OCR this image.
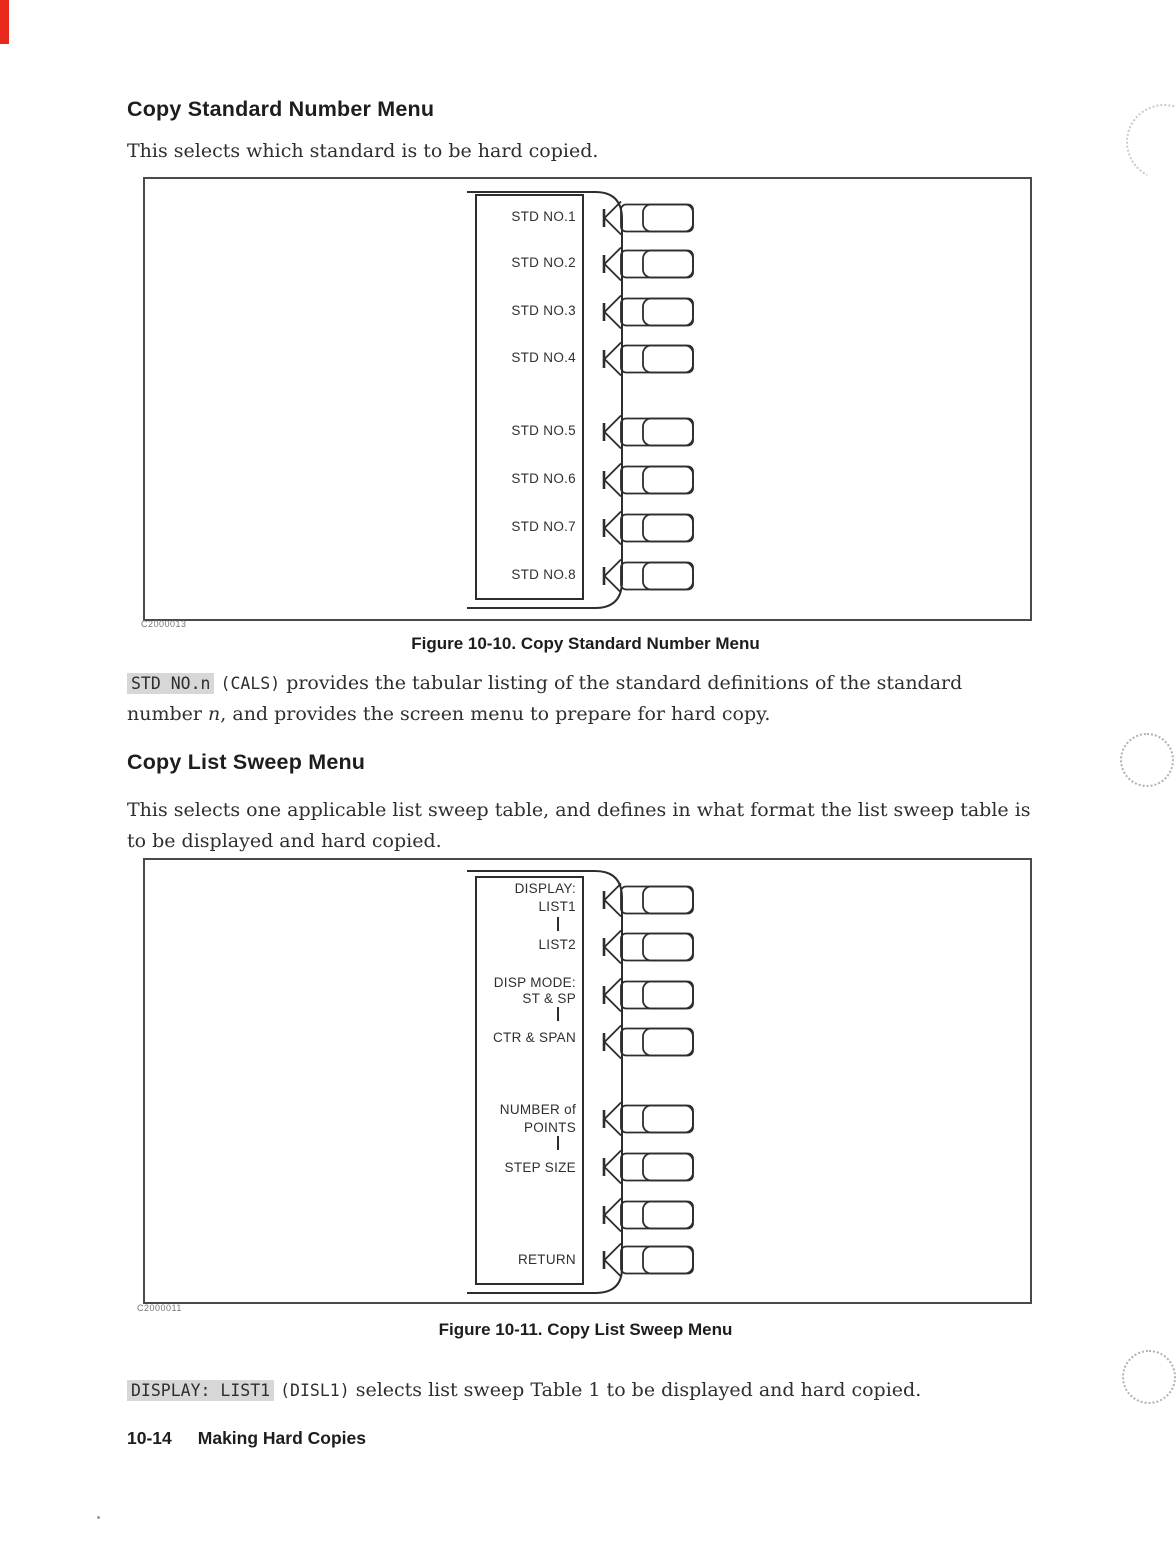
Copy Standard Number Menu
This selects which standard is to be hard copied.
STD NO.1
STD NO.2
STD NO.3
STD NO.4
STD NO.5
STD NO.6
STD NO.7
STD NO.8
C2000013
Figure 10-10. Copy Standard Number Menu
STD NO.n (CALS) provides the tabular listing of the standard definitions of the standard number n, and provides the screen menu to prepare for hard copy.
Copy List Sweep Menu
This selects one applicable list sweep table, and defines in what format the list sweep table is to be displayed and hard copied.
DISPLAY:
LIST1
LIST2
DISP MODE:
ST & SP
CTR & SPAN
NUMBER of
POINTS
STEP SIZE
RETURN
C2000011
Figure 10-11. Copy List Sweep Menu
DISPLAY: LIST1 (DISL1) selects list sweep Table 1 to be displayed and hard copied.
10-14 Making Hard Copies
